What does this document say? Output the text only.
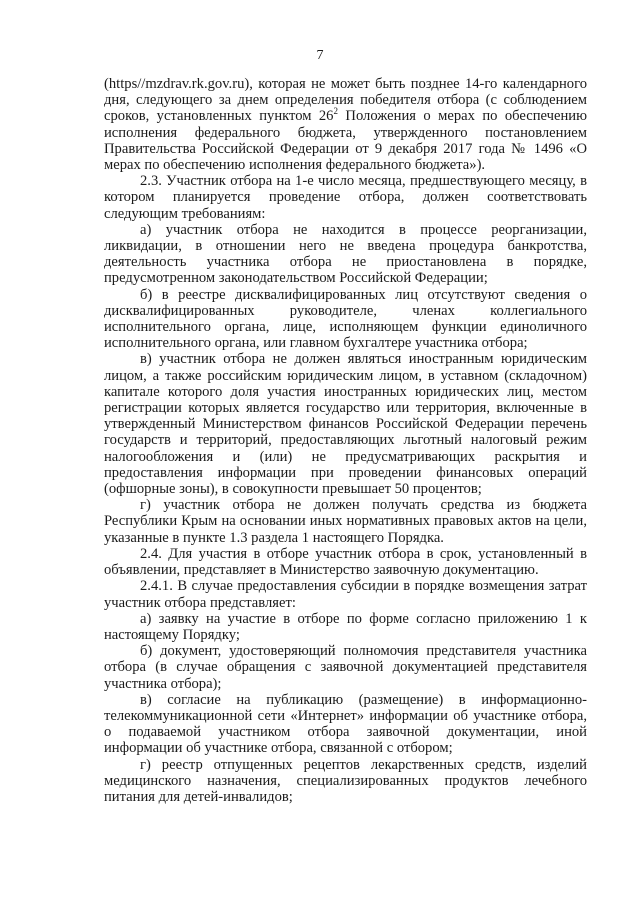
7

(https//mzdrav.rk.gov.ru), которая не может быть позднее 14-го календарного дня, следующего за днем определения победителя отбора (с соблюдением сроков, установленных пунктом $26^2$ Положения о мерах по обеспечению исполнения федерального бюджета, утвержденного постановлением Правительства Российской Федерации от 9 декабря 2017 года № 1496 «О мерах по обеспечению исполнения федерального бюджета»).

2.3. Участник отбора на 1-е число месяца, предшествующего месяцу, в котором планируется проведение отбора, должен соответствовать следующим требованиям:

а) участник отбора не находится в процессе реорганизации, ликвидации, в отношении него не введена процедура банкротства, деятельность участника отбора не приостановлена в порядке, предусмотренном законодательством Российской Федерации;

б) в реестре дисквалифицированных лиц отсутствуют сведения о дисквалифицированных руководителе, членах коллегиального исполнительного органа, лице, исполняющем функции единоличного исполнительного органа, или главном бухгалтере участника отбора;

в) участник отбора не должен являться иностранным юридическим лицом, а также российским юридическим лицом, в уставном (складочном) капитале которого доля участия иностранных юридических лиц, местом регистрации которых является государство или территория, включенные в утвержденный Министерством финансов Российской Федерации перечень государств и территорий, предоставляющих льготный налоговый режим налогообложения и (или) не предусматривающих раскрытия и предоставления информации при проведении финансовых операций (офшорные зоны), в совокупности превышает 50 процентов;

г) участник отбора не должен получать средства из бюджета Республики Крым на основании иных нормативных правовых актов на цели, указанные в пункте 1.3 раздела 1 настоящего Порядка.

2.4. Для участия в отборе участник отбора в срок, установленный в объявлении, представляет в Министерство заявочную документацию.

2.4.1. В случае предоставления субсидии в порядке возмещения затрат участник отбора представляет:

а) заявку на участие в отборе по форме согласно приложению 1 к настоящему Порядку;

б) документ, удостоверяющий полномочия представителя участника отбора (в случае обращения с заявочной документацией представителя участника отбора);

в) согласие на публикацию (размещение) в информационно-телекоммуникационной сети «Интернет» информации об участнике отбора, о подаваемой участником отбора заявочной документации, иной информации об участнике отбора, связанной с отбором;

г) реестр отпущенных рецептов лекарственных средств, изделий медицинского назначения, специализированных продуктов лечебного питания для детей-инвалидов;
